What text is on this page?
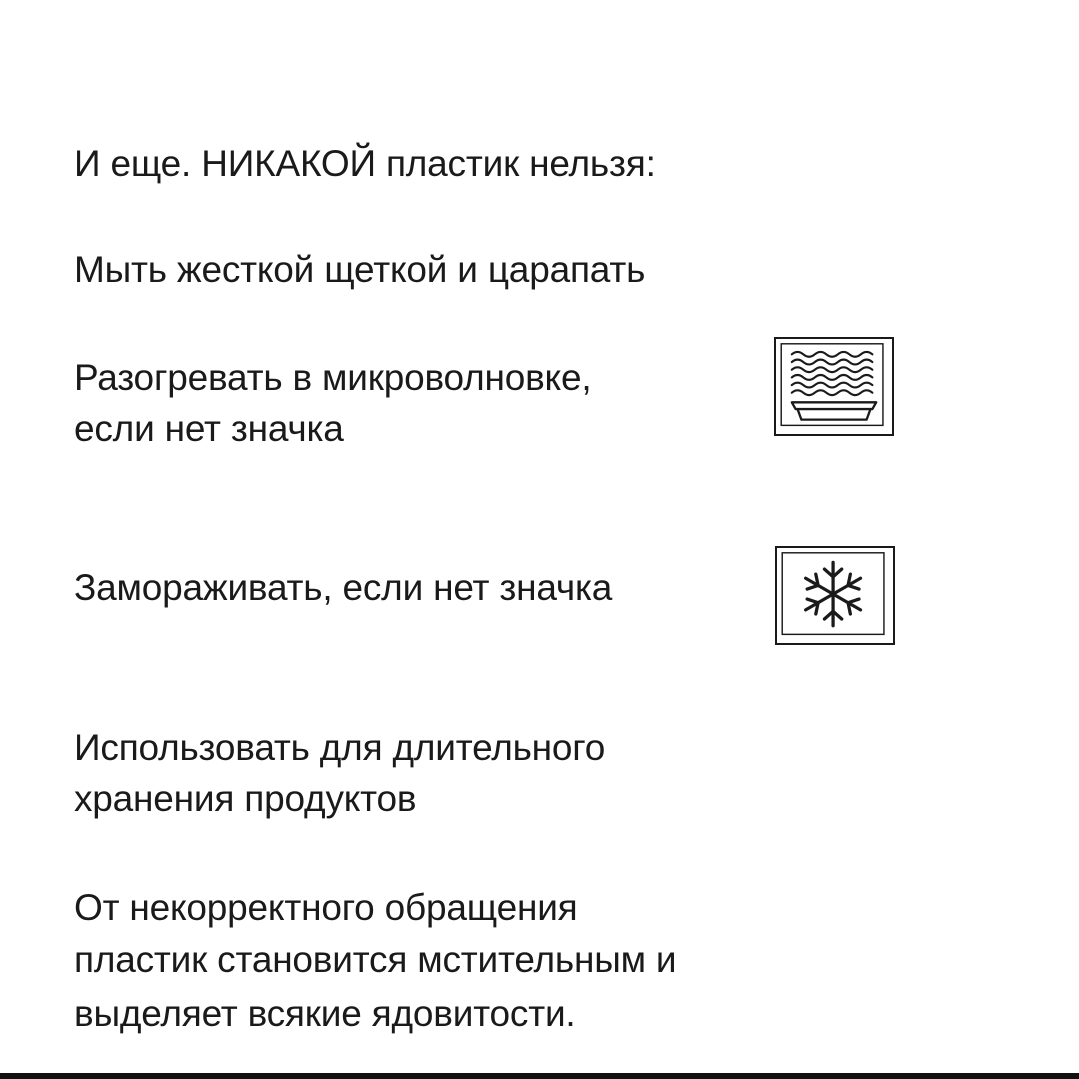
И еще. НИКАКОЙ пластик нельзя:
Мыть жесткой щеткой и царапать
Разогревать в микроволновке,
если нет значка
Замораживать, если нет значка
Использовать для длительного
хранения продуктов
От некорректного обращения
пластик становится мстительным и
выделяет всякие ядовитости.
